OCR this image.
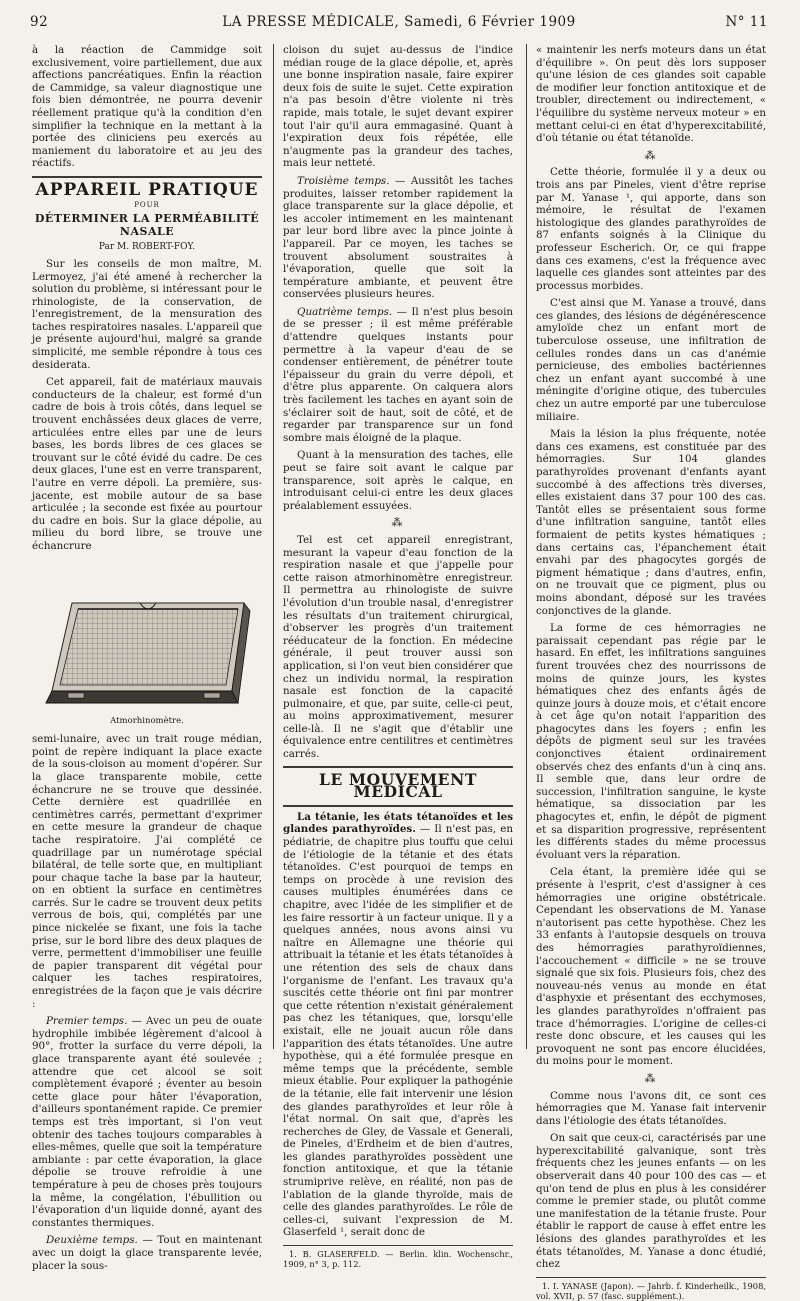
92	LA PRESSE MÉDICALE, Samedi, 6 Février 1909	N° 11

à la réaction de Cammidge soit exclusivement, voire partiellement, due aux affections pancréatiques. Enfin la réaction de Cammidge, sa valeur diagnostique une fois bien démontrée, ne pourra devenir réellement pratique qu'à la condition d'en simplifier la technique en la mettant à la portée des cliniciens peu exercés au maniement du laboratoire et au jeu des réactifs.

APPAREIL PRATIQUE
POUR
DÉTERMINER LA PERMÉABILITÉ NASALE
Par M. ROBERT-FOY.

Sur les conseils de mon maître, M. Lermoyez, j'ai été amené à rechercher la solution du problème, si intéressant pour le rhinologiste, de la conservation, de l'enregistrement, de la mensuration des taches respiratoires nasales. L'appareil que je présente aujourd'hui, malgré sa grande simplicité, me semble répondre à tous ces desiderata.

Cet appareil, fait de matériaux mauvais conducteurs de la chaleur, est formé d'un cadre de bois à trois côtés, dans lequel se trouvent enchâssées deux glaces de verre, articulées entre elles par une de leurs bases, les bords libres de ces glaces se trouvant sur le côté évidé du cadre. De ces deux glaces, l'une est en verre transparent, l'autre en verre dépoli. La première, sus-jacente, est mobile autour de sa base articulée ; la seconde est fixée au pourtour du cadre en bois. Sur la glace dépolie, au milieu du bord libre, se trouve une échancrure

Atmorhinomètre.

semi-lunaire, avec un trait rouge médian, point de repère indiquant la place exacte de la sous-cloison au moment d'opérer. Sur la glace transparente mobile, cette échancrure ne se trouve que dessinée. Cette dernière est quadrillée en centimètres carrés, permettant d'exprimer en cette mesure la grandeur de chaque tache respiratoire. J'ai complété ce quadrillage par un numérotage spécial bilatéral, de telle sorte que, en multipliant pour chaque tache la base par la hauteur, on en obtient la surface en centimètres carrés. Sur le cadre se trouvent deux petits verrous de bois, qui, complétés par une pince nickelée se fixant, une fois la tache prise, sur le bord libre des deux plaques de verre, permettent d'immobiliser une feuille de papier transparent dit végétal pour calquer les taches respiratoires, enregistrées de la façon que je vais décrire :

Premier temps. — Avec un peu de ouate hydrophile imbibée légèrement d'alcool à 90°, frotter la surface du verre dépoli, la glace transparente ayant été soulevée ; attendre que cet alcool se soit complètement évaporé ; éventer au besoin cette glace pour hâter l'évaporation, d'ailleurs spontanément rapide. Ce premier temps est très important, si l'on veut obtenir des taches toujours comparables à elles-mêmes, quelle que soit la température ambiante : par cette évaporation, la glace dépolie se trouve refroidie à une température à peu de choses près toujours la même, la congélation, l'ébullition ou l'évaporation d'un liquide donné, ayant des constantes thermiques.

Deuxième temps. — Tout en maintenant avec un doigt la glace transparente levée, placer la sous-

cloison du sujet au-dessus de l'indice médian rouge de la glace dépolie, et, après une bonne inspiration nasale, faire expirer deux fois de suite le sujet. Cette expiration n'a pas besoin d'être violente ni très rapide, mais totale, le sujet devant expirer tout l'air qu'il aura emmagasiné. Quant à l'expiration deux fois répétée, elle n'augmente pas la grandeur des taches, mais leur netteté.

Troisième temps. — Aussitôt les taches produites, laisser retomber rapidement la glace transparente sur la glace dépolie, et les accoler intimement en les maintenant par leur bord libre avec la pince jointe à l'appareil. Par ce moyen, les taches se trouvent absolument soustraites à l'évaporation, quelle que soit la température ambiante, et peuvent être conservées plusieurs heures.

Quatrième temps. — Il n'est plus besoin de se presser ; il est même préférable d'attendre quelques instants pour permettre à la vapeur d'eau de se condenser entièrement, de pénétrer toute l'épaisseur du grain du verre dépoli, et d'être plus apparente. On calquera alors très facilement les taches en ayant soin de s'éclairer soit de haut, soit de côté, et de regarder par transparence sur un fond sombre mais éloigné de la plaque.

Quant à la mensuration des taches, elle peut se faire soit avant le calque par transparence, soit après le calque, en introduisant celui-ci entre les deux glaces préalablement essuyées.

⁂

Tel est cet appareil enregistrant, mesurant la vapeur d'eau fonction de la respiration nasale et que j'appelle pour cette raison atmorhinomètre enregistreur. Il permettra au rhinologiste de suivre l'évolution d'un trouble nasal, d'enregistrer les résultats d'un traitement chirurgical, d'observer les progrès d'un traitement rééducateur de la fonction. En médecine générale, il peut trouver aussi son application, si l'on veut bien considérer que chez un individu normal, la respiration nasale est fonction de la capacité pulmonaire, et que, par suite, celle-ci peut, au moins approximativement, mesurer celle-là. Il ne s'agit que d'établir une équivalence entre centilitres et centimètres carrés.

LE MOUVEMENT MÉDICAL

La tétanie, les états tétanoïdes et les glandes parathyroïdes. — Il n'est pas, en pédiatrie, de chapitre plus touffu que celui de l'étiologie de la tétanie et des états tétanoïdes. C'est pourquoi de temps en temps on procède à une revision des causes multiples énumérées dans ce chapitre, avec l'idée de les simplifier et de les faire ressortir à un facteur unique. Il y a quelques années, nous avons ainsi vu naître en Allemagne une théorie qui attribuait la tétanie et les états tétanoïdes à une rétention des sels de chaux dans l'organisme de l'enfant. Les travaux qu'a suscités cette théorie ont fini par montrer que cette rétention n'existait généralement pas chez les tétaniques, que, lorsqu'elle existait, elle ne jouait aucun rôle dans l'apparition des états tétanoïdes. Une autre hypothèse, qui a été formulée presque en même temps que la précédente, semble mieux établie. Pour expliquer la pathogénie de la tétanie, elle fait intervenir une lésion des glandes parathyroïdes et leur rôle à l'état normal. On sait que, d'après les recherches de Gley, de Vassale et Generali, de Pineles, d'Erdheim et de bien d'autres, les glandes parathyroïdes possèdent une fonction antitoxique, et que la tétanie strumiprive relève, en réalité, non pas de l'ablation de la glande thyroïde, mais de celle des glandes parathyroïdes. Le rôle de celles-ci, suivant l'expression de M. Glaserfeld ¹, serait donc de

1. B. GLASERFELD. — Berlin. klin. Wochenschr., 1909, n° 3, p. 112.

« maintenir les nerfs moteurs dans un état d'équilibre ». On peut dès lors supposer qu'une lésion de ces glandes soit capable de modifier leur fonction antitoxique et de troubler, directement ou indirectement, « l'équilibre du système nerveux moteur » en mettant celui-ci en état d'hyperexcitabilité, d'où tétanie ou état tétanoïde.

⁂

Cette théorie, formulée il y a deux ou trois ans par Pineles, vient d'être reprise par M. Yanase ¹, qui apporte, dans son mémoire, le résultat de l'examen histologique des glandes parathyroïdes de 87 enfants soignés à la Clinique du professeur Escherich. Or, ce qui frappe dans ces examens, c'est la fréquence avec laquelle ces glandes sont atteintes par des processus morbides.

C'est ainsi que M. Yanase a trouvé, dans ces glandes, des lésions de dégénérescence amyloïde chez un enfant mort de tuberculose osseuse, une infiltration de cellules rondes dans un cas d'anémie pernicieuse, des embolies bactériennes chez un enfant ayant succombé à une méningite d'origine otique, des tubercules chez un autre emporté par une tuberculose miliaire.

Mais la lésion la plus fréquente, notée dans ces examens, est constituée par des hémorragies. Sur 104 glandes parathyroïdes provenant d'enfants ayant succombé à des affections très diverses, elles existaient dans 37 pour 100 des cas. Tantôt elles se présentaient sous forme d'une infiltration sanguine, tantôt elles formaient de petits kystes hématiques ; dans certains cas, l'épanchement était envahi par des phagocytes gorgés de pigment hématique ; dans d'autres, enfin, on ne trouvait que ce pigment, plus ou moins abondant, déposé sur les travées conjonctives de la glande.

La forme de ces hémorragies ne paraissait cependant pas régie par le hasard. En effet, les infiltrations sanguines furent trouvées chez des nourrissons de moins de quinze jours, les kystes hématiques chez des enfants âgés de quinze jours à douze mois, et c'était encore à cet âge qu'on notait l'apparition des phagocytes dans les foyers ; enfin les dépôts de pigment seul sur les travées conjonctives étaient ordinairement observés chez des enfants d'un à cinq ans. Il semble que, dans leur ordre de succession, l'infiltration sanguine, le kyste hématique, sa dissociation par les phagocytes et, enfin, le dépôt de pigment et sa disparition progressive, représentent les différents stades du même processus évoluant vers la réparation.

Cela étant, la première idée qui se présente à l'esprit, c'est d'assigner à ces hémorragies une origine obstétricale. Cependant les observations de M. Yanase n'autorisent pas cette hypothèse. Chez les 33 enfants à l'autopsie desquels on trouva des hémorragies parathyroïdiennes, l'accouchement « difficile » ne se trouve signalé que six fois. Plusieurs fois, chez des nouveau-nés venus au monde en état d'asphyxie et présentant des ecchymoses, les glandes parathyroïdes n'offraient pas trace d'hémorragies. L'origine de celles-ci reste donc obscure, et les causes qui les provoquent ne sont pas encore élucidées, du moins pour le moment.

⁂

Comme nous l'avons dit, ce sont ces hémorragies que M. Yanase fait intervenir dans l'étiologie des états tétanoïdes.

On sait que ceux-ci, caractérisés par une hyperexcitabilité galvanique, sont très fréquents chez les jeunes enfants — on les observerait dans 40 pour 100 des cas — et qu'on tend de plus en plus à les considérer comme le premier stade, ou plutôt comme une manifestation de la tétanie fruste. Pour établir le rapport de cause à effet entre les lésions des glandes parathyroïdes et les états tétanoïdes, M. Yanase a donc étudié, chez

1. I. YANASE (Japon). — Jahrb. f. Kinderheilk., 1908, vol. XVII, p. 57 (fasc. supplément.).
